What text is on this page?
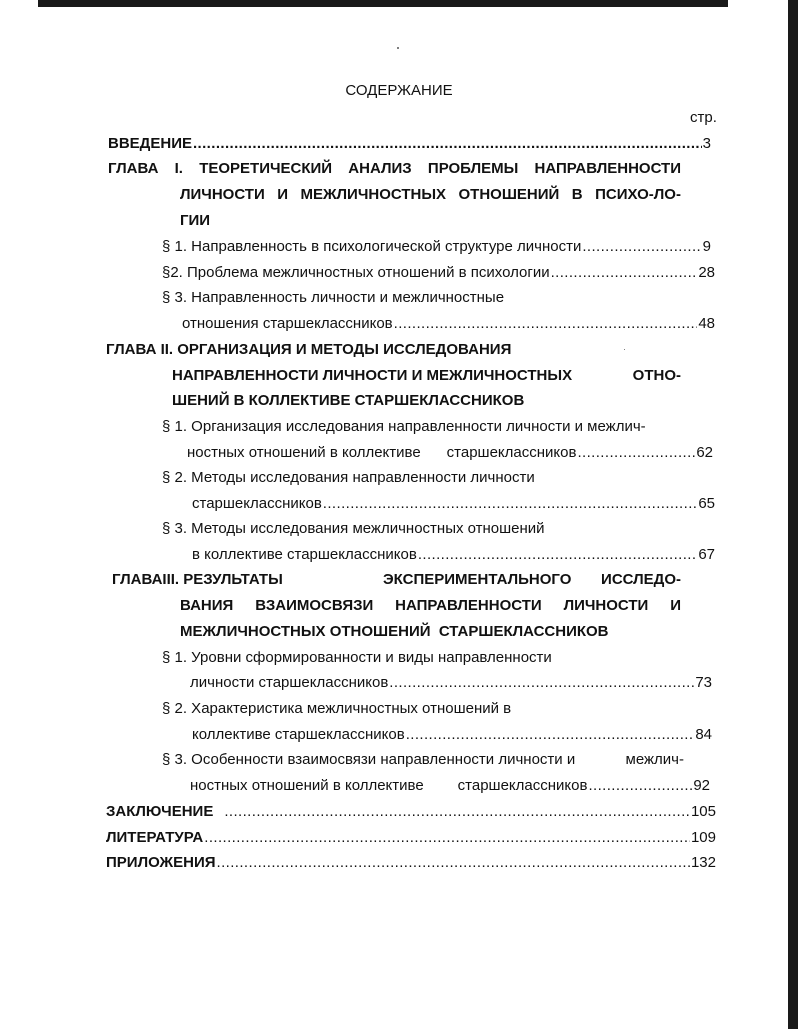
СОДЕРЖАНИЕ
стр.
ВВЕДЕНИЕ .....	3
ГЛАВА I. ТЕОРЕТИЧЕСКИЙ АНАЛИЗ ПРОБЛЕМЫ НАПРАВЛЕННОСТИ
ЛИЧНОСТИ И МЕЖЛИЧНОСТНЫХ ОТНОШЕНИЙ В ПСИХО-ЛО-
ГИИ
§ 1. Направленность в психологической структуре личности .....	9
§2. Проблема межличностных отношений в психологии .....	28
§ 3. Направленность личности и межличностные
отношения старшеклассников .....	48
ГЛАВА II. ОРГАНИЗАЦИЯ И МЕТОДЫ ИССЛЕДОВАНИЯ
НАПРАВЛЕННОСТИ ЛИЧНОСТИ И МЕЖЛИЧНОСТНЫХ	ОТНО-
ШЕНИЙ В КОЛЛЕКТИВЕ СТАРШЕКЛАССНИКОВ
§ 1. Организация исследования направленности личности и межлич-
ностных отношений в коллективе старшеклассников .....	62
§ 2. Методы исследования направленности личности
старшеклассников .....	65
§ 3. Методы исследования межличностных отношений
в коллективе старшеклассников .....	67
ГЛАВАIII. РЕЗУЛЬТАТЫ	ЭКСПЕРИМЕНТАЛЬНОГО ИССЛЕДО-
ВАНИЯ ВЗАИМОСВЯЗИ НАПРАВЛЕННОСТИ ЛИЧНОСТИ И
МЕЖЛИЧНОСТНЫХ ОТНОШЕНИЙ  СТАРШЕКЛАССНИКОВ
§ 1. Уровни сформированности и виды направленности
личности старшеклассников .....	73
§ 2. Характеристика межличностных отношений в
коллективе старшеклассников .....	84
§ 3. Особенности взаимосвязи направленности личности и	межлич-
ностных отношений в коллективе старшеклассников .....	92
ЗАКЛЮЧЕНИЕ .....	105
ЛИТЕРАТУРА .....	109
ПРИЛОЖЕНИЯ .....	132
